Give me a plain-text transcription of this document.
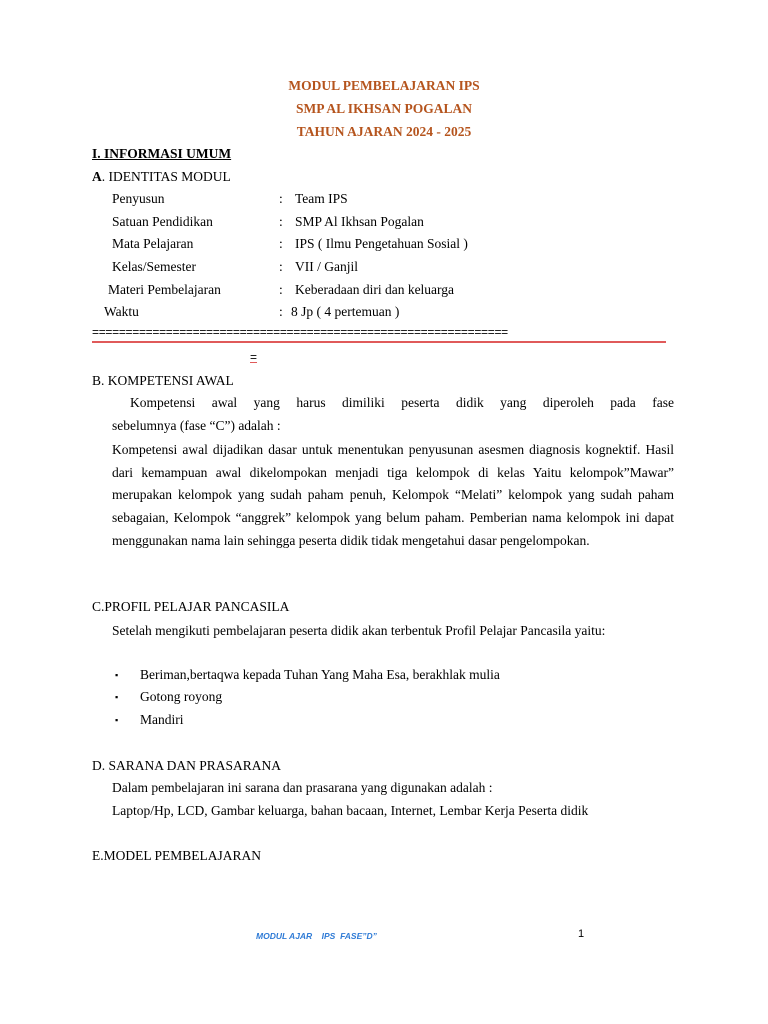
MODUL PEMBELAJARAN IPS
SMP AL IKHSAN POGALAN
TAHUN AJARAN 2024 - 2025
I. INFORMASI UMUM
A. IDENTITAS MODUL
Penyusun	: Team IPS
Satuan Pendidikan	: SMP Al Ikhsan Pogalan
Mata Pelajaran	: IPS ( Ilmu Pengetahuan Sosial )
Kelas/Semester	: VII / Ganjil
Materi Pembelajaran	: Keberadaan diri dan keluarga
Waktu	: 8 Jp ( 4 pertemuan )
==============================================================
=
B. KOMPETENSI AWAL
Kompetensi awal yang harus dimiliki peserta didik yang diperoleh pada fase
sebelumnya (fase “C”) adalah :
Kompetensi awal dijadikan dasar untuk menentukan penyusunan asesmen diagnosis kognektif. Hasil dari kemampuan awal dikelompokan menjadi tiga kelompok di kelas Yaitu kelompok”Mawar” merupakan kelompok yang sudah paham penuh, Kelompok “Melati” kelompok yang sudah paham sebagaian, Kelompok “anggrek” kelompok yang belum paham. Pemberian nama kelompok ini dapat menggunakan nama lain sehingga peserta didik tidak mengetahui dasar pengelompokan.
C.PROFIL PELAJAR PANCASILA
Setelah mengikuti pembelajaran peserta didik akan terbentuk Profil Pelajar Pancasila yaitu:
▪ Beriman,bertaqwa kepada Tuhan Yang Maha Esa, berakhlak mulia
▪ Gotong royong
▪ Mandiri
D. SARANA DAN PRASARANA
Dalam pembelajaran ini sarana dan prasarana yang digunakan adalah :
Laptop/Hp, LCD, Gambar keluarga, bahan bacaan, Internet, Lembar Kerja Peserta didik
E.MODEL PEMBELAJARAN
MODUL AJAR    IPS  FASE”D”	1
